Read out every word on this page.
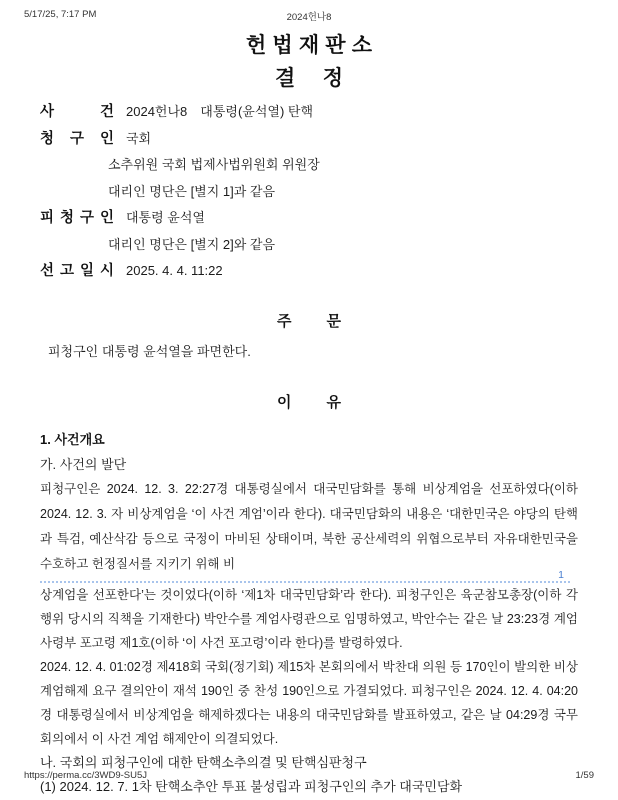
5/17/25, 7:17 PM	2024헌나8
헌 법 재 판 소
결 정
사 건 2024헌나8 대통령(윤석열) 탄핵
청 구 인 국회
소추위원 국회 법제사법위원회 위원장
대리인 명단은 [별지 1]과 같음
피 청 구 인 대통령 윤석열
대리인 명단은 [별지 2]와 같음
선 고 일 시 2025. 4. 4. 11:22
주 문
피청구인 대통령 윤석열을 파면한다.
이 유
1. 사건개요
가. 사건의 발단

피청구인은 2024. 12. 3. 22:27경 대통령실에서 대국민담화를 통해 비상계엄을 선포하였다(이하 2024. 12. 3. 자 비상계엄을 ‘이 사건 계엄’이라 한다). 대국민담화의 내용은 ‘대한민국은 야당의 탄핵과 특검, 예산삭감 등으로 국정이 마비된 상태이며, 북한 공산세력의 위협으로부터 자유대한민국을 수호하고 헌정질서를 지키기 위해 비

1

상계엄을 선포한다’는 것이었다(이하 ‘제1차 대국민담화’라 한다). 피청구인은 육군참모총장(이하 각 행위 당시의 직책을 기재한다) 박안수를 계엄사령관으로 임명하였고, 박안수는 같은 날 23:23경 계엄사령부 포고령 제1호(이하 ‘이 사건 포고령’이라 한다)를 발령하였다.

2024. 12. 4. 01:02경 제418회 국회(정기회) 제15차 본회의에서 박찬대 의원 등 170인이 발의한 비상계엄해제 요구 결의안이 재석 190인 중 찬성 190인으로 가결되었다. 피청구인은 2024. 12. 4. 04:20경 대통령실에서 비상계엄을 해제하겠다는 내용의 대국민담화를 발표하였고, 같은 날 04:29경 국무회의에서 이 사건 계엄 해제안이 의결되었다.

나. 국회의 피청구인에 대한 탄핵소추의결 및 탄핵심판청구
(1) 2024. 12. 7. 1차 탄핵소추안 투표 불성립과 피청구인의 추가 대국민담화
https://perma.cc/3WD9-SU5J	1/59
